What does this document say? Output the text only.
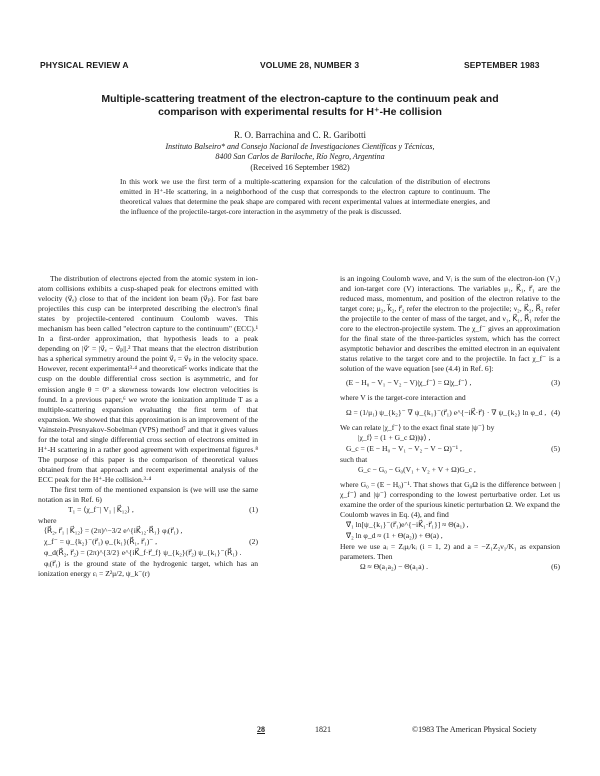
PHYSICAL REVIEW A	VOLUME 28, NUMBER 3	SEPTEMBER 1983
Multiple-scattering treatment of the electron-capture to the continuum peak and
comparison with experimental results for H⁺-He collision
R. O. Barrachina and C. R. Garibotti
Instituto Balseiro* and Consejo Nacional de Investigaciones Científicas y Técnicas,
8400 San Carlos de Bariloche, Río Negro, Argentina
(Received 16 September 1982)
In this work we use the first term of a multiple-scattering expansion for the calculation of the distribution of electrons emitted in H⁺-He scattering, in a neighborhood of the cusp that corresponds to the electron capture to continuum. The theoretical values that determine the peak shape are compared with recent experimental values at intermediate energies, and the influence of the projectile-target-core interaction in the asymmetry of the peak is discussed.

The distribution of electrons ejected from the atomic system in ion-atom collisions exhibits a cusp-shaped peak for electrons emitted with velocity (v⃗ₑ) close to that of the incident ion beam (v⃗ₚ). For fast bare projectiles this cusp can be interpreted describing the electron's final states by projectile-centered continuum Coulomb waves. This mechanism has been called "electron capture to the continuum" (ECC).¹ In a first-order approximation, that hypothesis leads to a peak depending on |v⃗′ = |v⃗ₑ − v⃗ₚ||.² That means that the electron distribution has a spherical symmetry around the point v⃗ₑ = v⃗ₚ in the velocity space. However, recent experimental³·⁴ and theoretical⁵ works indicate that the cusp on the double differential cross section is asymmetric, and for emission angle θ = 0° a skewness towards low electron velocities is found. In a previous paper,⁶ we wrote the ionization amplitude T as a multiple-scattering expansion evaluating the first term of that expansion. We showed that this approximation is an improvement of the Vainstein-Presnyakov-Sobelman (VPS) method⁷ and that it gives values for the total and single differential cross section of electrons emitted in H⁺-H scattering in a rather good agreement with experimental figures.⁸ The purpose of this paper is the comparison of theoretical values obtained from that approach and recent experimental analysis of the ECC peak for the H⁺-He collision.³·⁴

The first term of the mentioned expansion is (we will use the same notation as in Ref. 6)

T₁ = ⟨χ_f⁻| V₁ | K⃗₁₂⟩ ,	(1)
where
⟨R⃗₂, r⃗₁ | K⃗₁₂⟩ = (2π)^−3/2 e^{iK⃗₁₂·R⃗₁} φᵢ(r⃗₁) ,
χ_f⁻ = ψ_{k₂}⁻(r⃗₁) φ_{k₁}(R⃗₁, r⃗₁)⁻ ,	(2)
φ_d(R⃗₂, r⃗₂) = (2π)^{3/2} e^{iK⃗_f·r⃗_f} ψ_{k₂}(r⃗₂) ψ_{k₁}⁻(R⃗₁) .

φᵢ(r⃗₁) is the ground state of the hydrogenic target, which has an ionization energy εᵢ = Z²μ/2, ψ_k⁻(r)

is an ingoing Coulomb wave, and Vᵢ is the sum of the electron-ion (V₁) and ion-target core (V) interactions. The variables μ₁, K⃗₁, r⃗₁ are the reduced mass, momentum, and position of the electron relative to the target core; μ₂, k⃗₂, r⃗₂ refer the electron to the projectile; ν₂, K⃗₂, R⃗₂ refer the projectile to the center of mass of the target, and ν₁, K⃗₁, R⃗₁ refer the core to the electron-projectile system. The χ_f⁻ gives an approximation for the final state of the three-particles system, which has the correct asymptotic behavior and describes the emitted electron in an equivalent status relative to the target core and to the projectile. In fact χ_f⁻ is a solution of the wave equation [see (4.4) in Ref. 6]:

(E − H₀ − V₁ − V₂ − V)|χ_f⁻⟩ = Ω|χ_f⁻⟩ ,	(3)
where V is the target-core interaction and
Ω = (1/μ₁) ψ_{k₂}⁻ ∇ ψ_{k₁}⁻(r⃗₁) e^{−iK⃗·r⃗} · ∇ ψ_{k₂} ln φ_d , (4)
We can relate |χ_f⁻⟩ to the exact final state |ψ⁻⟩ by
|χ_f⟩ = (1 + G_c Ω)|ψ⟩ ,
G_c = (E − H₀ − V₁ − V₂ − V − Ω)⁻¹ ,	(5)
such that
G_c − G₀ − G₀(V₁ + V₂ + V + Ω)G_c ,

where G₀ = (E − H₀)⁻¹. That shows that G₀Ω is the difference between |χ_f⁻⟩ and |ψ⁻⟩ corresponding to the lowest perturbative order. Let us examine the order of the spurious kinetic perturbation Ω. We expand the Coulomb waves in Eq. (4), and find

∇⃗₁ ln[ψ_{k₁}⁻(r⃗₁)e^{−iK⃗₁·r⃗₁}] ≈ Θ(a₁) ,
∇⃗₂ ln φ_d ≈ (1 + Θ(a₂)) + Θ(a) ,

Here we use aᵢ = Zᵢμᵢ/kᵢ (i = 1, 2) and a = −Z₁Z₂ν₁/K₁ as expansion parameters. Then

Ω ≈ Θ(a₁a₂) − Θ(a₁a) .	(6)
28	1821	©1983 The American Physical Society
